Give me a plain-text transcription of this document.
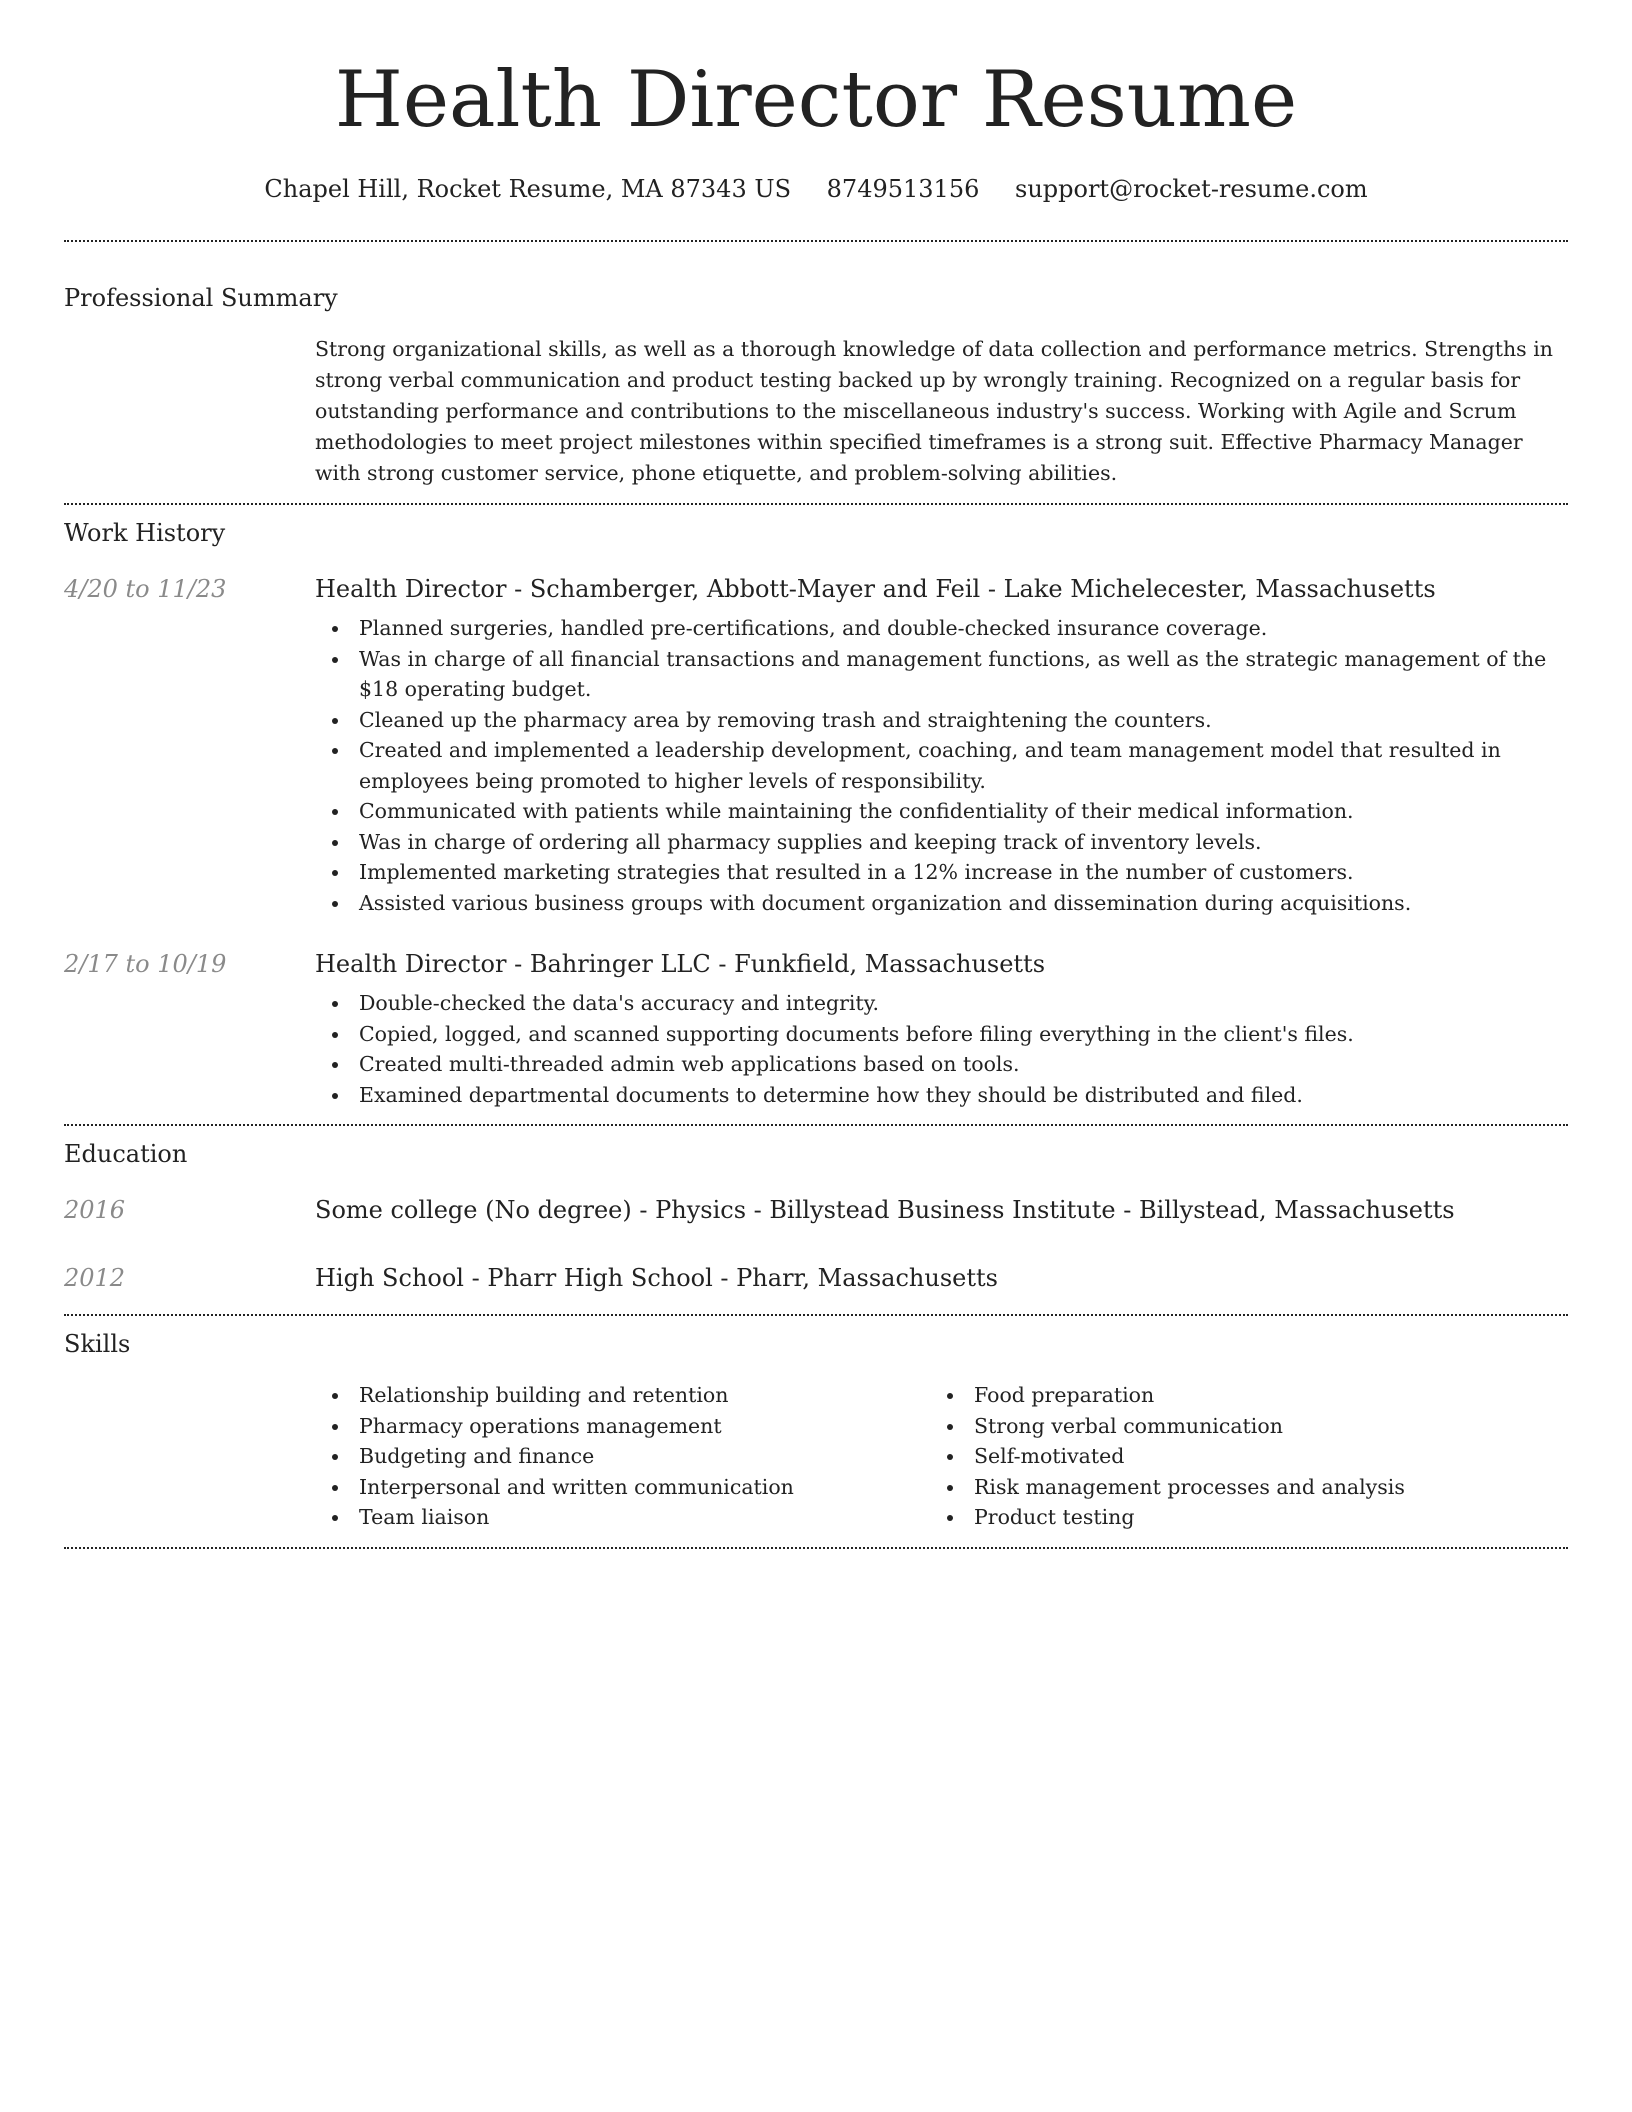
Health Director Resume
Chapel Hill, Rocket Resume, MA 87343 US 8749513156 support@rocket-resume.com
Professional Summary
Strong organizational skills, as well as a thorough knowledge of data collection and performance metrics. Strengths in strong verbal communication and product testing backed up by wrongly training. Recognized on a regular basis for outstanding performance and contributions to the miscellaneous industry's success. Working with Agile and Scrum methodologies to meet project milestones within specified timeframes is a strong suit. Effective Pharmacy Manager with strong customer service, phone etiquette, and problem-solving abilities.
Work History
4/20 to 11/23	Health Director - Schamberger, Abbott-Mayer and Feil - Lake Michelecester, Massachusetts
Planned surgeries, handled pre-certifications, and double-checked insurance coverage.
Was in charge of all financial transactions and management functions, as well as the strategic management of the $18 operating budget.
Cleaned up the pharmacy area by removing trash and straightening the counters.
Created and implemented a leadership development, coaching, and team management model that resulted in employees being promoted to higher levels of responsibility.
Communicated with patients while maintaining the confidentiality of their medical information.
Was in charge of ordering all pharmacy supplies and keeping track of inventory levels.
Implemented marketing strategies that resulted in a 12% increase in the number of customers.
Assisted various business groups with document organization and dissemination during acquisitions.
2/17 to 10/19	Health Director - Bahringer LLC - Funkfield, Massachusetts
Double-checked the data's accuracy and integrity.
Copied, logged, and scanned supporting documents before filing everything in the client's files.
Created multi-threaded admin web applications based on tools.
Examined departmental documents to determine how they should be distributed and filed.
Education
2016	Some college (No degree) - Physics - Billystead Business Institute - Billystead, Massachusetts
2012	High School - Pharr High School - Pharr, Massachusetts
Skills
Relationship building and retention
Pharmacy operations management
Budgeting and finance
Interpersonal and written communication
Team liaison
Food preparation
Strong verbal communication
Self-motivated
Risk management processes and analysis
Product testing
